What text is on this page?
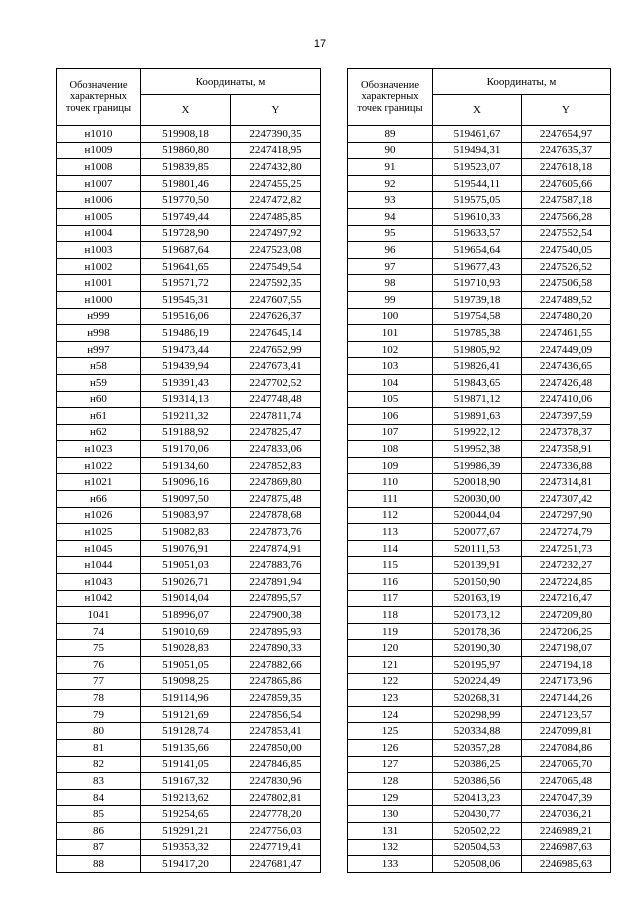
17
Обозначение характерных точек границы	Координаты, м	
	X	Y
н1010	519908,18	2247390,35
н1009	519860,80	2247418,95
н1008	519839,85	2247432,80
н1007	519801,46	2247455,25
н1006	519770,50	2247472,82
н1005	519749,44	2247485,85
н1004	519728,90	2247497,92
н1003	519687,64	2247523,08
н1002	519641,65	2247549,54
н1001	519571,72	2247592,35
н1000	519545,31	2247607,55
н999	519516,06	2247626,37
н998	519486,19	2247645,14
н997	519473,44	2247652,99
н58	519439,94	2247673,41
н59	519391,43	2247702,52
н60	519314,13	2247748,48
н61	519211,32	2247811,74
н62	519188,92	2247825,47
н1023	519170,06	2247833,06
н1022	519134,60	2247852,83
н1021	519096,16	2247869,80
н66	519097,50	2247875,48
н1026	519083,97	2247878,68
н1025	519082,83	2247873,76
н1045	519076,91	2247874,91
н1044	519051,03	2247883,76
н1043	519026,71	2247891,94
н1042	519014,04	2247895,57
1041	518996,07	2247900,38
74	519010,69	2247895,93
75	519028,83	2247890,33
76	519051,05	2247882,66
77	519098,25	2247865,86
78	519114,96	2247859,35
79	519121,69	2247856,54
80	519128,74	2247853,41
81	519135,66	2247850,00
82	519141,05	2247846,85
83	519167,32	2247830,96
84	519213,62	2247802,81
85	519254,65	2247778,20
86	519291,21	2247756,03
87	519353,32	2247719,41
88	519417,20	2247681,47
Обозначение характерных точек границы	Координаты, м	
	X	Y
89	519461,67	2247654,97
90	519494,31	2247635,37
91	519523,07	2247618,18
92	519544,11	2247605,66
93	519575,05	2247587,18
94	519610,33	2247566,28
95	519633,57	2247552,54
96	519654,64	2247540,05
97	519677,43	2247526,52
98	519710,93	2247506,58
99	519739,18	2247489,52
100	519754,58	2247480,20
101	519785,38	2247461,55
102	519805,92	2247449,09
103	519826,41	2247436,65
104	519843,65	2247426,48
105	519871,12	2247410,06
106	519891,63	2247397,59
107	519922,12	2247378,37
108	519952,38	2247358,91
109	519986,39	2247336,88
110	520018,90	2247314,81
111	520030,00	2247307,42
112	520044,04	2247297,90
113	520077,67	2247274,79
114	520111,53	2247251,73
115	520139,91	2247232,27
116	520150,90	2247224,85
117	520163,19	2247216,47
118	520173,12	2247209,80
119	520178,36	2247206,25
120	520190,30	2247198,07
121	520195,97	2247194,18
122	520224,49	2247173,96
123	520268,31	2247144,26
124	520298,99	2247123,57
125	520334,88	2247099,81
126	520357,28	2247084,86
127	520386,25	2247065,70
128	520386,56	2247065,48
129	520413,23	2247047,39
130	520430,77	2247036,21
131	520502,22	2246989,21
132	520504,53	2246987,63
133	520508,06	2246985,63
